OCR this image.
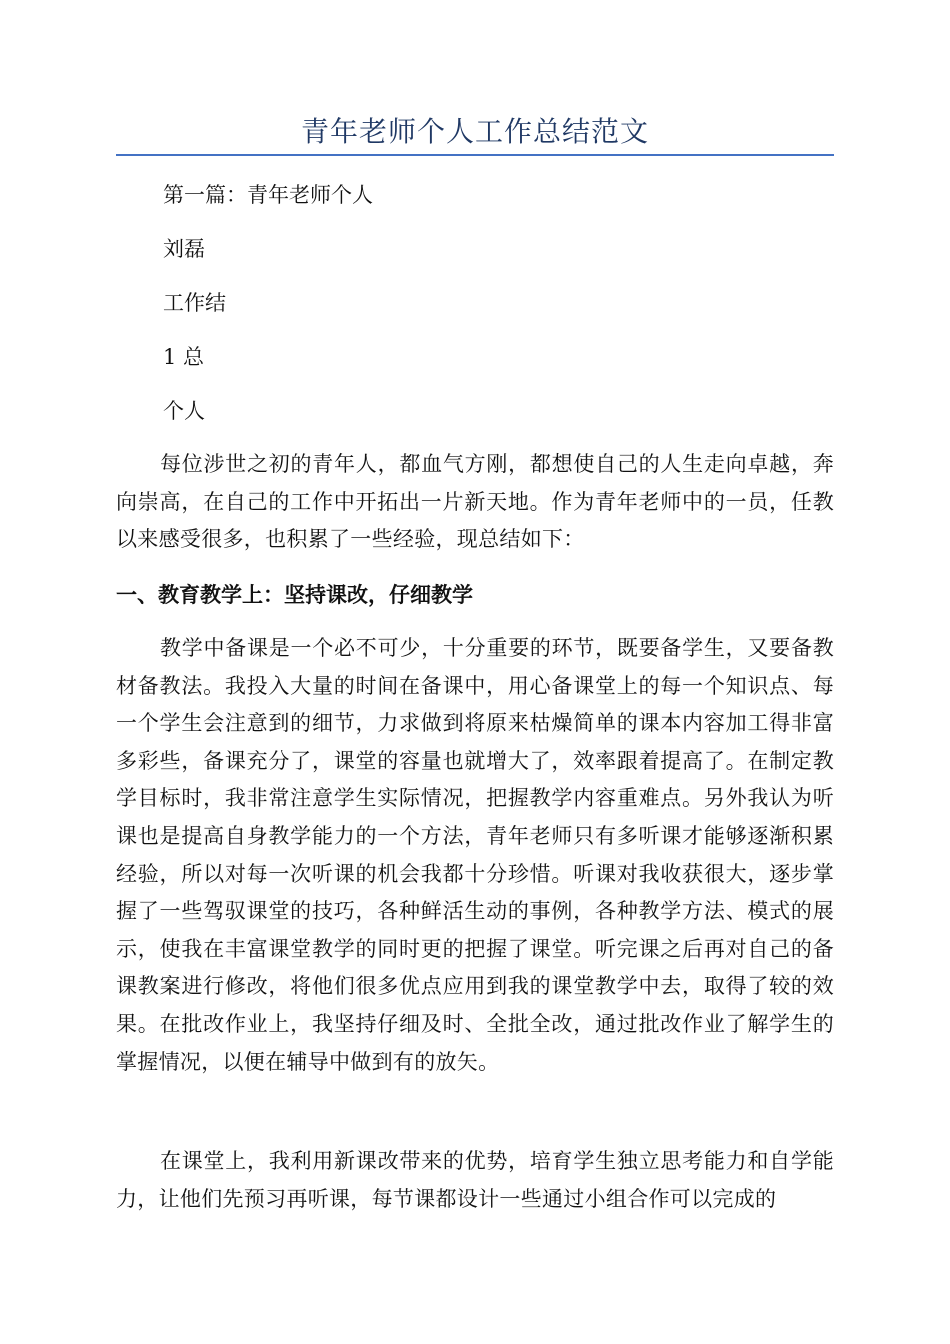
青年老师个人工作总结范文
第一篇：青年老师个人
刘磊
工作结
1 总
个人

每位涉世之初的青年人，都血气方刚，都想使自己的人生走向卓越，奔向崇高，在自己的工作中开拓出一片新天地。作为青年老师中的一员，任教以来感受很多，也积累了一些经验，现总结如下：

一、教育教学上：坚持课改，仔细教学

教学中备课是一个必不可少，十分重要的环节，既要备学生，又要备教材备教法。我投入大量的时间在备课中，用心备课堂上的每一个知识点、每一个学生会注意到的细节，力求做到将原来枯燥简单的课本内容加工得非富多彩些，备课充分了，课堂的容量也就增大了，效率跟着提高了。在制定教学目标时，我非常注意学生实际情况，把握教学内容重难点。另外我认为听课也是提高自身教学能力的一个方法，青年老师只有多听课才能够逐渐积累经验，所以对每一次听课的机会我都十分珍惜。听课对我收获很大，逐步掌握了一些驾驭课堂的技巧，各种鲜活生动的事例，各种教学方法、模式的展示，使我在丰富课堂教学的同时更的把握了课堂。听完课之后再对自己的备课教案进行修改，将他们很多优点应用到我的课堂教学中去，取得了较的效果。在批改作业上，我坚持仔细及时、全批全改，通过批改作业了解学生的掌握情况，以便在辅导中做到有的放矢。

在课堂上，我利用新课改带来的优势，培育学生独立思考能力和自学能力，让他们先预习再听课，每节课都设计一些通过小组合作可以完成的
